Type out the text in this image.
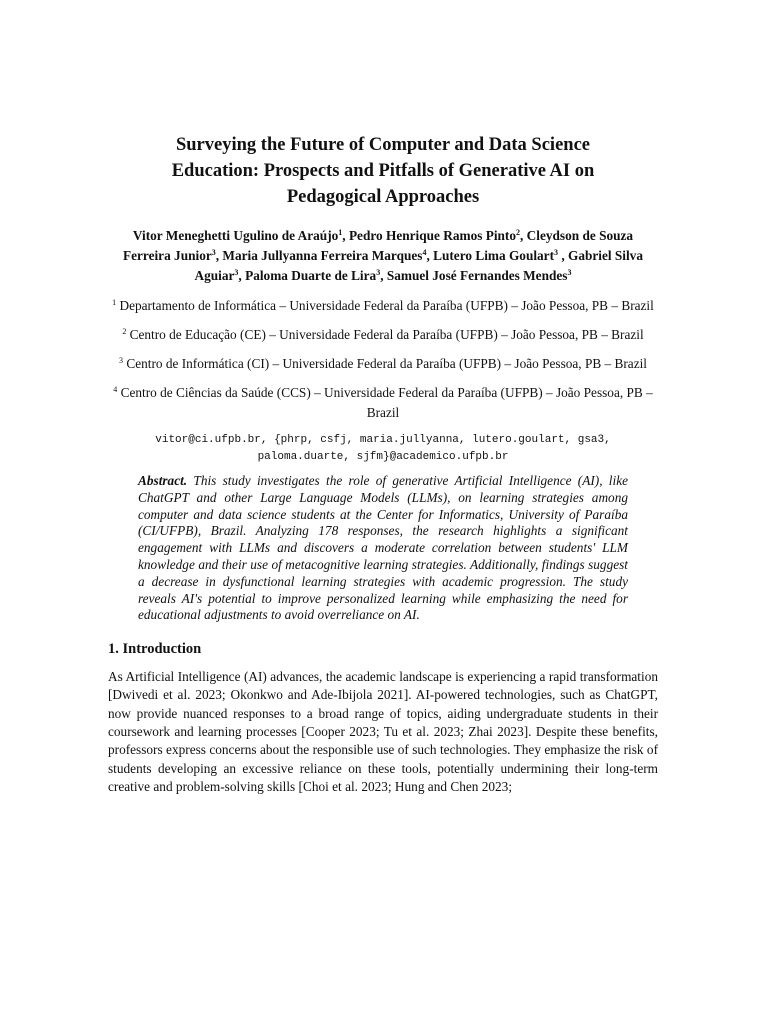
Surveying the Future of Computer and Data Science
Education: Prospects and Pitfalls of Generative AI on
Pedagogical Approaches
Vitor Meneghetti Ugulino de Araújo$^1$, Pedro Henrique Ramos Pinto$^2$, Cleydson de Souza Ferreira Junior$^3$, Maria Jullyanna Ferreira Marques$^4$, Lutero Lima Goulart$^3$ , Gabriel Silva Aguiar$^3$, Paloma Duarte de Lira$^3$, Samuel José Fernandes Mendes$^3$
$^1$ Departamento de Informática – Universidade Federal da Paraíba (UFPB) – João Pessoa, PB – Brazil
$^2$ Centro de Educação (CE) – Universidade Federal da Paraíba (UFPB) – João Pessoa, PB – Brazil
$^3$ Centro de Informática (CI) – Universidade Federal da Paraíba (UFPB) – João Pessoa, PB – Brazil
$^4$ Centro de Ciências da Saúde (CCS) – Universidade Federal da Paraíba (UFPB) – João Pessoa, PB – Brazil
vitor@ci.ufpb.br, {phrp, csfj, maria.jullyanna, lutero.goulart, gsa3,
paloma.duarte, sjfm}@academico.ufpb.br
Abstract. This study investigates the role of generative Artificial Intelligence (AI), like ChatGPT and other Large Language Models (LLMs), on learning strategies among computer and data science students at the Center for Informatics, University of Paraíba (CI/UFPB), Brazil. Analyzing 178 responses, the research highlights a significant engagement with LLMs and discovers a moderate correlation between students' LLM knowledge and their use of metacognitive learning strategies. Additionally, findings suggest a decrease in dysfunctional learning strategies with academic progression. The study reveals AI's potential to improve personalized learning while emphasizing the need for educational adjustments to avoid overreliance on AI.
1. Introduction

As Artificial Intelligence (AI) advances, the academic landscape is experiencing a rapid transformation [Dwivedi et al. 2023; Okonkwo and Ade-Ibijola 2021]. AI-powered technologies, such as ChatGPT, now provide nuanced responses to a broad range of topics, aiding undergraduate students in their coursework and learning processes [Cooper 2023; Tu et al. 2023; Zhai 2023]. Despite these benefits, professors express concerns about the responsible use of such technologies. They emphasize the risk of students developing an excessive reliance on these tools, potentially undermining their long-term creative and problem-solving skills [Choi et al. 2023; Hung and Chen 2023;
